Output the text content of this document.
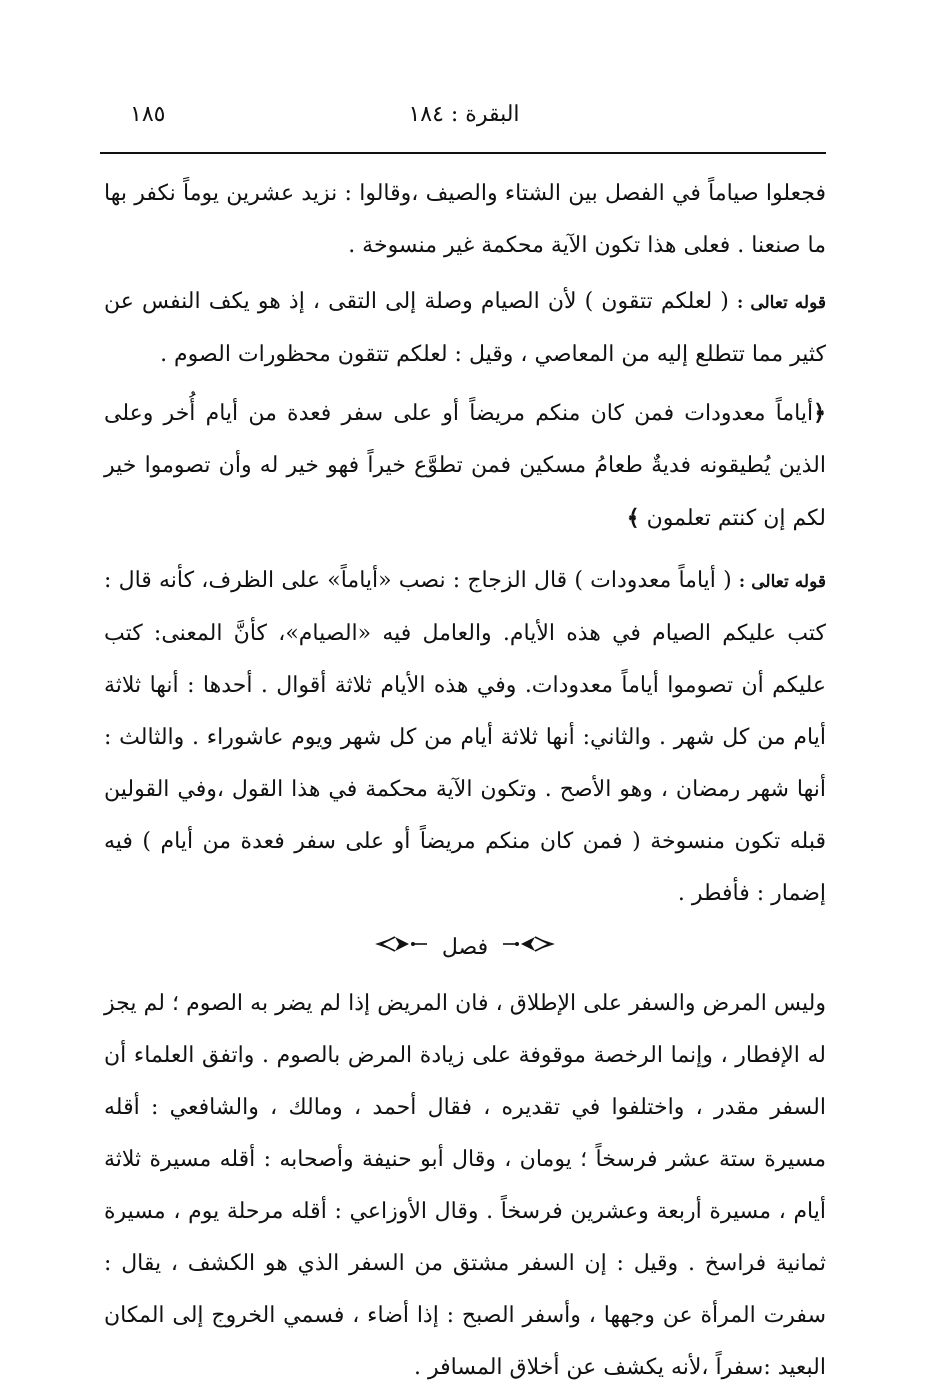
البقرة : ١٨٤
١٨٥

فجعلوا صياماً في الفصل بين الشتاء والصيف ،وقالوا : نزيد عشرين يوماً نكفر بها ما صنعنا . فعلى هذا تكون الآية محكمة غير منسوخة .

قوله تعالى : ( لعلكم تتقون ) لأن الصيام وصلة إلى التقى ، إذ هو يكف النفس عن كثير مما تتطلع إليه من المعاصي ، وقيل : لعلكم تتقون محظورات الصوم .

﴿أياماً معدودات فمن كان منكم مريضاً أو على سفر فعدة من أيام أُخر وعلى الذين يُطيقونه فديةٌ طعامُ مسكين فمن تطوَّع خيراً فهو خير له وأن تصوموا خير لكم إن كنتم تعلمون ﴾

قوله تعالى : ( أياماً معدودات ) قال الزجاج : نصب «أياماً» على الظرف، كأنه قال : كتب عليكم الصيام في هذه الأيام. والعامل فيه «الصيام»، كأنَّ المعنى: كتب عليكم أن تصوموا أياماً معدودات. وفي هذه الأيام ثلاثة أقوال . أحدها : أنها ثلاثة أيام من كل شهر . والثاني: أنها ثلاثة أيام من كل شهر ويوم عاشوراء . والثالث : أنها شهر رمضان ، وهو الأصح . وتكون الآية محكمة في هذا القول ،وفي القولين قبله تكون منسوخة ( فمن كان منكم مريضاً أو على سفر فعدة من أيام ) فيه إضمار : فأفطر .

فصل

وليس المرض والسفر على الإطلاق ، فان المريض إذا لم يضر به الصوم ؛ لم يجز له الإفطار ، وإنما الرخصة موقوفة على زيادة المرض بالصوم . واتفق العلماء أن السفر مقدر ، واختلفوا في تقديره ، فقال أحمد ، ومالك ، والشافعي : أقله مسيرة ستة عشر فرسخاً ؛ يومان ، وقال أبو حنيفة وأصحابه : أقله مسيرة ثلاثة أيام ، مسيرة أربعة وعشرين فرسخاً . وقال الأوزاعي : أقله مرحلة يوم ، مسيرة ثمانية فراسخ . وقيل : إن السفر مشتق من السفر الذي هو الكشف ، يقال : سفرت المرأة عن وجهها ، وأسفر الصبح : إذا أضاء ، فسمي الخروج إلى المكان البعيد :سفراً ،لأنه يكشف عن أخلاق المسافر .
